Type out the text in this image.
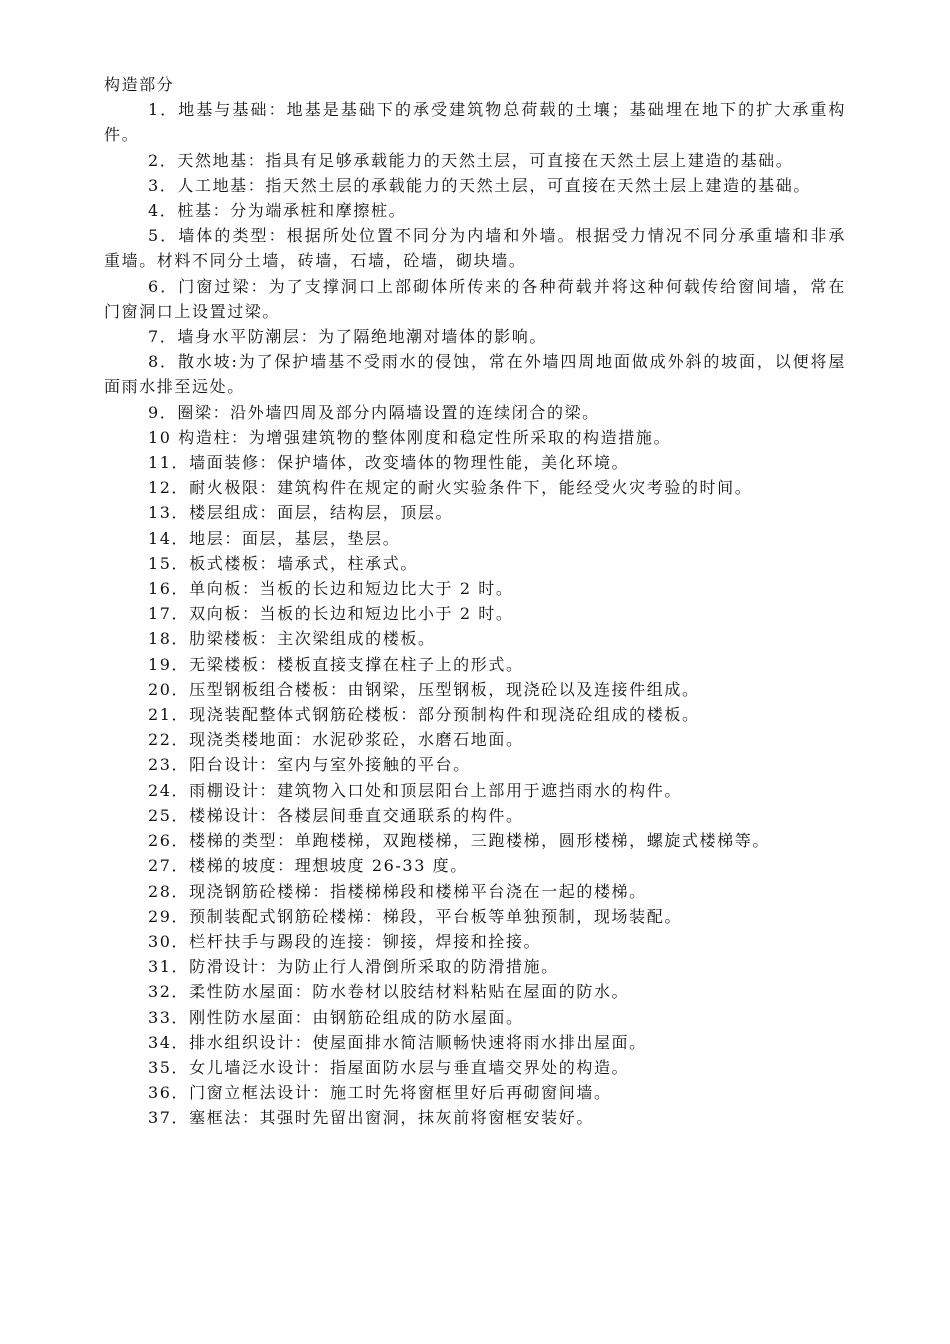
构造部分

1．地基与基础：地基是基础下的承受建筑物总荷载的土壤；基础埋在地下的扩大承重构件。

2．天然地基：指具有足够承载能力的天然土层，可直接在天然土层上建造的基础。

3．人工地基：指天然土层的承载能力的天然土层，可直接在天然土层上建造的基础。

4．桩基：分为端承桩和摩擦桩。

5．墙体的类型：根据所处位置不同分为内墙和外墙。根据受力情况不同分承重墙和非承重墙。材料不同分土墙，砖墙，石墙，砼墙，砌块墙。

6．门窗过梁：为了支撑洞口上部砌体所传来的各种荷载并将这种何载传给窗间墙，常在门窗洞口上设置过梁。

7．墙身水平防潮层：为了隔绝地潮对墙体的影响。

8．散水坡:为了保护墙基不受雨水的侵蚀，常在外墙四周地面做成外斜的坡面，以便将屋面雨水排至远处。

9．圈梁：沿外墙四周及部分内隔墙设置的连续闭合的梁。

10 构造柱：为增强建筑物的整体刚度和稳定性所采取的构造措施。

11．墙面装修：保护墙体，改变墙体的物理性能，美化环境。

12．耐火极限：建筑构件在规定的耐火实验条件下，能经受火灾考验的时间。

13．楼层组成：面层，结构层，顶层。

14．地层：面层，基层，垫层。

15．板式楼板：墙承式，柱承式。

16．单向板：当板的长边和短边比大于 2 时。

17．双向板：当板的长边和短边比小于 2 时。

18．肋梁楼板：主次梁组成的楼板。

19．无梁楼板：楼板直接支撑在柱子上的形式。

20．压型钢板组合楼板：由钢梁，压型钢板，现浇砼以及连接件组成。

21．现浇装配整体式钢筋砼楼板：部分预制构件和现浇砼组成的楼板。

22．现浇类楼地面：水泥砂浆砼，水磨石地面。

23．阳台设计：室内与室外接触的平台。

24．雨棚设计：建筑物入口处和顶层阳台上部用于遮挡雨水的构件。

25．楼梯设计：各楼层间垂直交通联系的构件。

26．楼梯的类型：单跑楼梯，双跑楼梯，三跑楼梯，圆形楼梯，螺旋式楼梯等。

27．楼梯的坡度：理想坡度 26-33 度。

28．现浇钢筋砼楼梯：指楼梯梯段和楼梯平台浇在一起的楼梯。

29．预制装配式钢筋砼楼梯：梯段，平台板等单独预制，现场装配。

30．栏杆扶手与踢段的连接：铆接，焊接和拴接。

31．防滑设计：为防止行人滑倒所采取的防滑措施。

32．柔性防水屋面：防水卷材以胶结材料粘贴在屋面的防水。

33．刚性防水屋面：由钢筋砼组成的防水屋面。

34．排水组织设计：使屋面排水简洁顺畅快速将雨水排出屋面。

35．女儿墙泛水设计：指屋面防水层与垂直墙交界处的构造。

36．门窗立框法设计：施工时先将窗框里好后再砌窗间墙。

37．塞框法：其强时先留出窗洞，抹灰前将窗框安装好。
